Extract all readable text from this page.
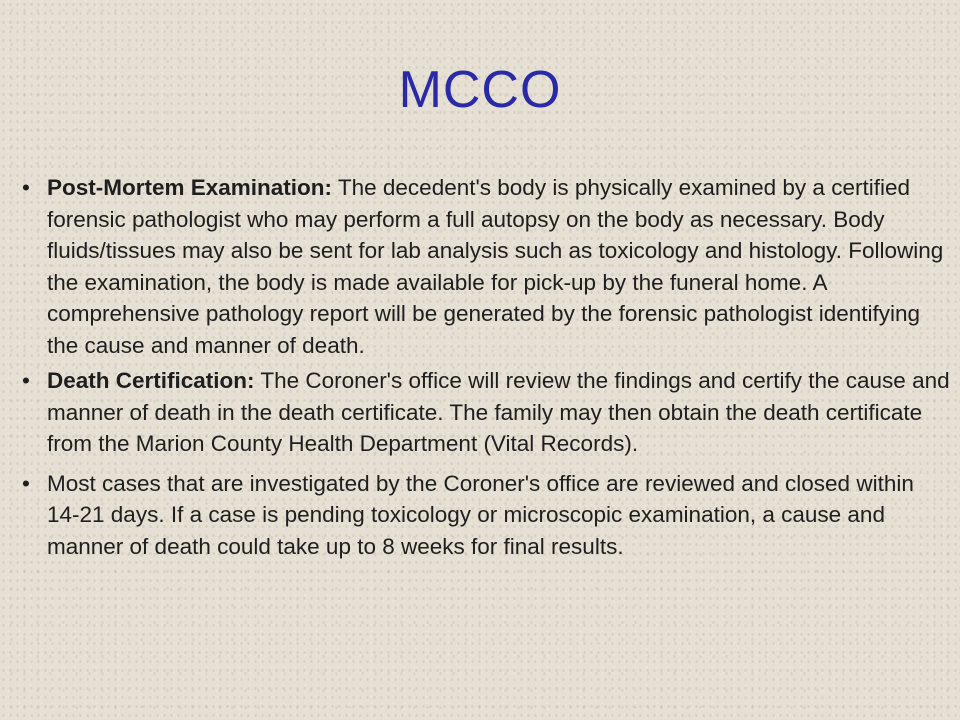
MCCO
• Post-Mortem Examination: The decedent's body is physically examined by a certified forensic pathologist who may perform a full autopsy on the body as necessary. Body fluids/tissues may also be sent for lab analysis such as toxicology and histology. Following the examination, the body is made available for pick-up by the funeral home. A comprehensive pathology report will be generated by the forensic pathologist identifying the cause and manner of death.
• Death Certification: The Coroner's office will review the findings and certify the cause and manner of death in the death certificate. The family may then obtain the death certificate from the Marion County Health Department (Vital Records).
• Most cases that are investigated by the Coroner's office are reviewed and closed within 14-21 days. If a case is pending toxicology or microscopic examination, a cause and manner of death could take up to 8 weeks for final results.
